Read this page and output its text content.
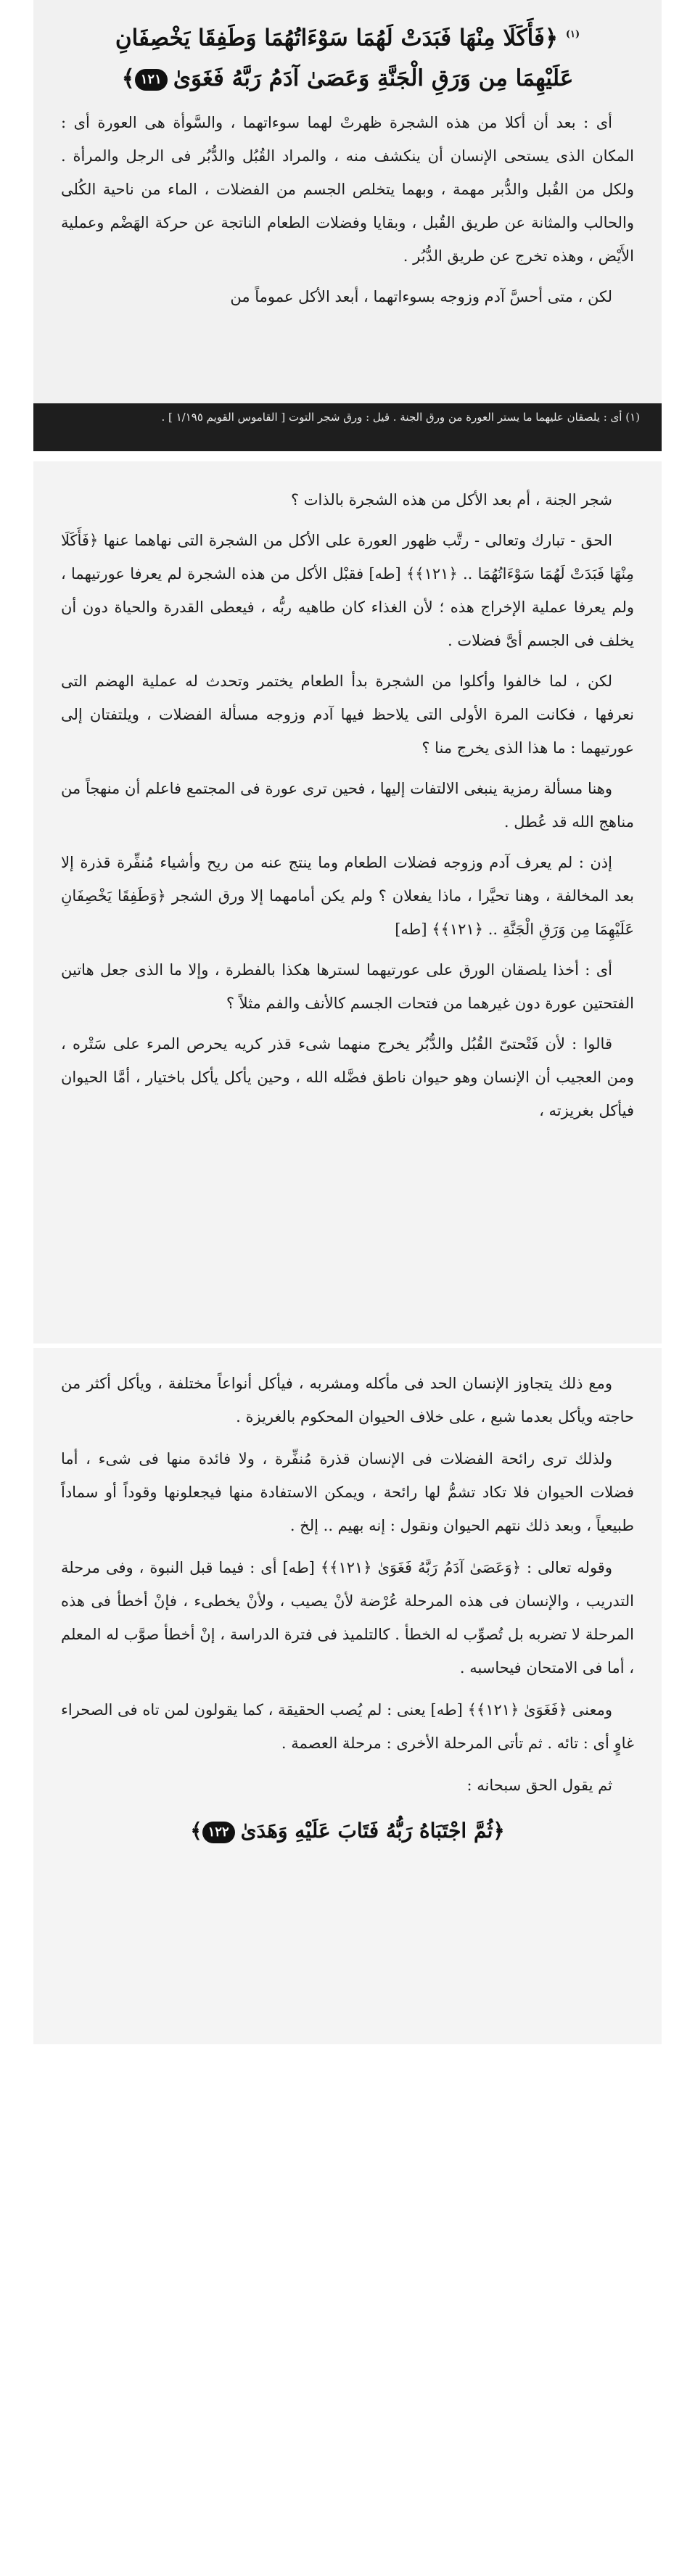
$^{(١)}$ ﴿فَأَكَلَا مِنْهَا فَبَدَتْ لَهُمَا سَوْءَاتُهُمَا وَطَفِقَا يَخْصِفَانِ

عَلَيْهِمَا مِن وَرَقِ الْجَنَّةِ وَعَصَىٰ آدَمُ رَبَّهُ فَغَوَىٰ١٢١﴾

أى : بعد أن أكلا من هذه الشجرة ظهرتْ لهما سوءاتهما ، والسَّوأة هى العورة أى : المكان الذى يستحى الإنسان أن ينكشف منه ، والمراد القُبُل والدُّبُر فى الرجل والمرأة . ولكل من القُبل والدُّبر مهمة ، وبهما يتخلص الجسم من الفضلات ، الماء من ناحية الكُلى والحالب والمثانة عن طريق القُبل ، وبقايا وفضلات الطعام الناتجة عن حركة الهَضْم وعملية الأَيْض ، وهذه تخرج عن طريق الدُّبُر .

لكن ، متى أحسَّ آدم وزوجه بسوءاتهما ، أبعد الأكل عموماً من

(١) أى : يلصقان عليهما ما يستر العورة من ورق الجنة . قيل : ورق شجر التوت [ القاموس القويم ١/١٩٥ ] .

شجر الجنة ، أم بعد الأكل من هذه الشجرة بالذات ؟

الحق - تبارك وتعالى - رتَّب ظهور العورة على الأكل من الشجرة التى نهاهما عنها ﴿فَأَكَلَا مِنْهَا فَبَدَتْ لَهُمَا سَوْءَاتُهُمَا .. ﴿١٢١﴾﴾ [طه] فقبْل الأكل من هذه الشجرة لم يعرفا عورتيهما ، ولم يعرفا عملية الإخراج هذه ؛ لأن الغذاء كان طاهيه ربُّه ، فيعطى القدرة والحياة دون أن يخلف فى الجسم أىَّ فضلات .

لكن ، لما خالفوا وأكلوا من الشجرة بدأ الطعام يختمر وتحدث له عملية الهضم التى نعرفها ، فكانت المرة الأولى التى يلاحظ فيها آدم وزوجه مسألة الفضلات ، ويلتفتان إلى عورتيهما : ما هذا الذى يخرج منا ؟

وهنا مسألة رمزية ينبغى الالتفات إليها ، فحين ترى عورة فى المجتمع فاعلم أن منهجاً من مناهج الله قد عُطل .

إذن : لم يعرف آدم وزوجه فضلات الطعام وما ينتج عنه من ريح وأشياء مُنفِّرة قذرة إلا بعد المخالفة ، وهنا تحيَّرا ، ماذا يفعلان ؟ ولم يكن أمامهما إلا ورق الشجر ﴿وَطَفِقَا يَخْصِفَانِ عَلَيْهِمَا مِن وَرَقِ الْجَنَّةِ .. ﴿١٢١﴾﴾ [طه]

أى : أخذا يلصقان الورق على عورتيهما لسترها هكذا بالفطرة ، وإلا ما الذى جعل هاتين الفتحتين عورة دون غيرهما من فتحات الجسم كالأنف والفم مثلاً ؟

قالوا : لأن فَتْحتىّ القُبُل والدُّبُر يخرج منهما شىء قذر كريه يحرص المرء على سَتْره ، ومن العجيب أن الإنسان وهو حيوان ناطق فضَّله الله ، وحين يأكل يأكل باختيار ، أمَّا الحيوان فيأكل بغريزته ،

ومع ذلك يتجاوز الإنسان الحد فى مأكله ومشربه ، فيأكل أنواعاً مختلفة ، ويأكل أكثر من حاجته ويأكل بعدما شبع ، على خلاف الحيوان المحكوم بالغريزة .

ولذلك ترى رائحة الفضلات فى الإنسان قذرة مُنفِّرة ، ولا فائدة منها فى شىء ، أما فضلات الحيوان فلا تكاد تشمُّ لها رائحة ، ويمكن الاستفادة منها فيجعلونها وقوداً أو سماداً طبيعياً ، وبعد ذلك نتهم الحيوان ونقول : إنه بهيم .. إلخ .

وقوله تعالى : ﴿وَعَصَىٰ آدَمُ رَبَّهُ فَغَوَىٰ ﴿١٢١﴾﴾ [طه] أى : فيما قبل النبوة ، وفى مرحلة التدريب ، والإنسان فى هذه المرحلة عُرْضة لأنْ يصيب ، ولأنْ يخطىء ، فإنْ أخطأ فى هذه المرحلة لا تضربه بل تُصوِّب له الخطأ . كالتلميذ فى فترة الدراسة ، إنْ أخطأ صوَّب له المعلم ، أما فى الامتحان فيحاسبه .

ومعنى ﴿فَغَوَىٰ ﴿١٢١﴾﴾ [طه] يعنى : لم يُصب الحقيقة ، كما يقولون لمن تاه فى الصحراء غاوٍ أى : تائه . ثم تأتى المرحلة الأخرى : مرحلة العصمة .

ثم يقول الحق سبحانه :

﴿ثُمَّ اجْتَبَاهُ رَبُّهُ فَتَابَ عَلَيْهِ وَهَدَىٰ١٢٢﴾
